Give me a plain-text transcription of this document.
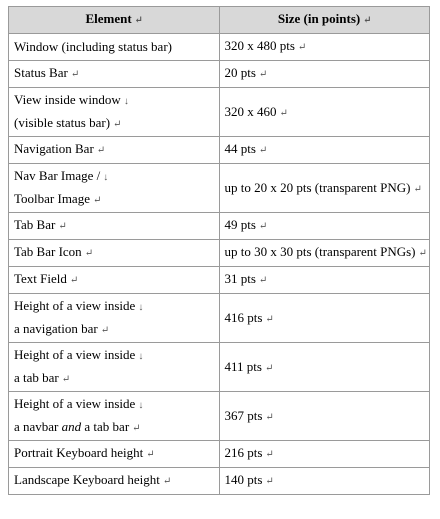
Element ↵	Size (in points) ↵
Window (including status bar)	320 x 480 pts ↵
Status Bar ↵	20 pts ↵
View inside window ↓
(visible status bar) ↵	320 x 460 ↵
Navigation Bar ↵	44 pts ↵
Nav Bar Image / ↓
Toolbar Image ↵	up to 20 x 20 pts (transparent PNG) ↵
Tab Bar ↵	49 pts ↵
Tab Bar Icon ↵	up to 30 x 30 pts (transparent PNGs) ↵
Text Field ↵	31 pts ↵
Height of a view inside ↓
a navigation bar ↵	416 pts ↵
Height of a view inside ↓
a tab bar ↵	411 pts ↵
Height of a view inside ↓
a navbar and a tab bar ↵	367 pts ↵
Portrait Keyboard height ↵	216 pts ↵
Landscape Keyboard height ↵	140 pts ↵
